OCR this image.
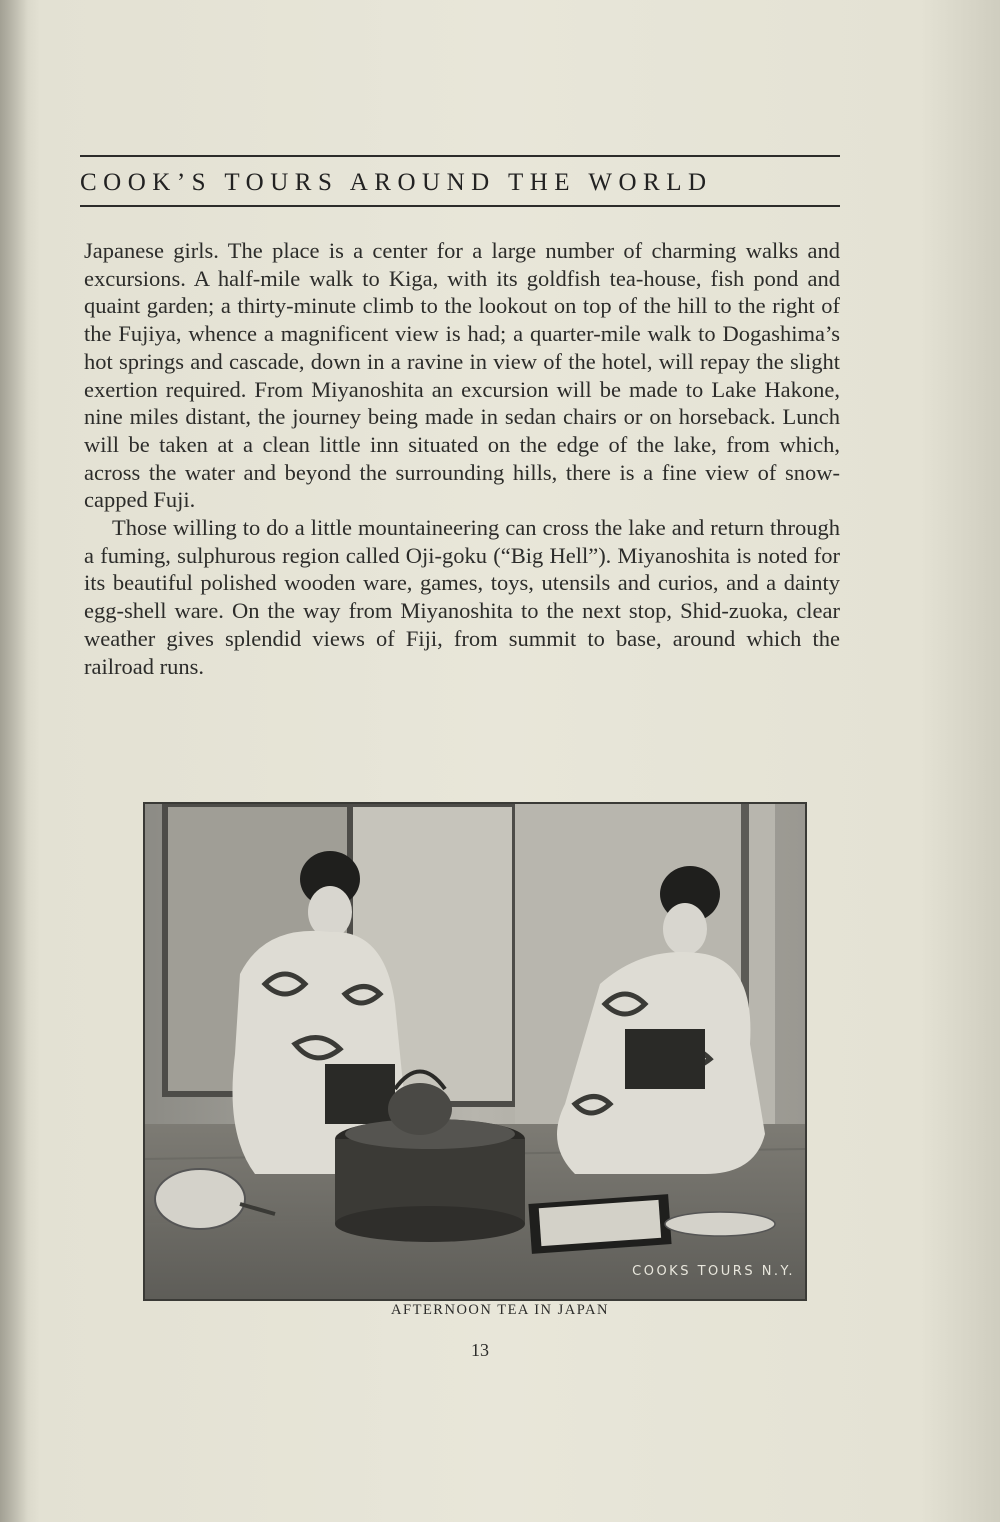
COOK’S TOURS AROUND THE WORLD

Japanese girls. The place is a center for a large number of charming walks and excursions. A half-mile walk to Kiga, with its goldfish tea-house, fish pond and quaint garden; a thirty-minute climb to the lookout on top of the hill to the right of the Fujiya, whence a magnificent view is had; a quarter-mile walk to Dogashima’s hot springs and cascade, down in a ravine in view of the hotel, will repay the slight exertion required. From Miyanoshita an excursion will be made to Lake Hakone, nine miles distant, the journey being made in sedan chairs or on horseback. Lunch will be taken at a clean little inn situated on the edge of the lake, from which, across the water and beyond the surrounding hills, there is a fine view of snow-capped Fuji.

Those willing to do a little mountaineering can cross the lake and return through a fuming, sulphurous region called Oji-goku (“Big Hell”). Miyanoshita is noted for its beautiful polished wooden ware, games, toys, utensils and curios, and a dainty egg-shell ware. On the way from Miyanoshita to the next stop, Shid-zuoka, clear weather gives splendid views of Fiji, from summit to base, around which the railroad runs.

COOKS TOURS N.Y.
AFTERNOON TEA IN JAPAN
13
